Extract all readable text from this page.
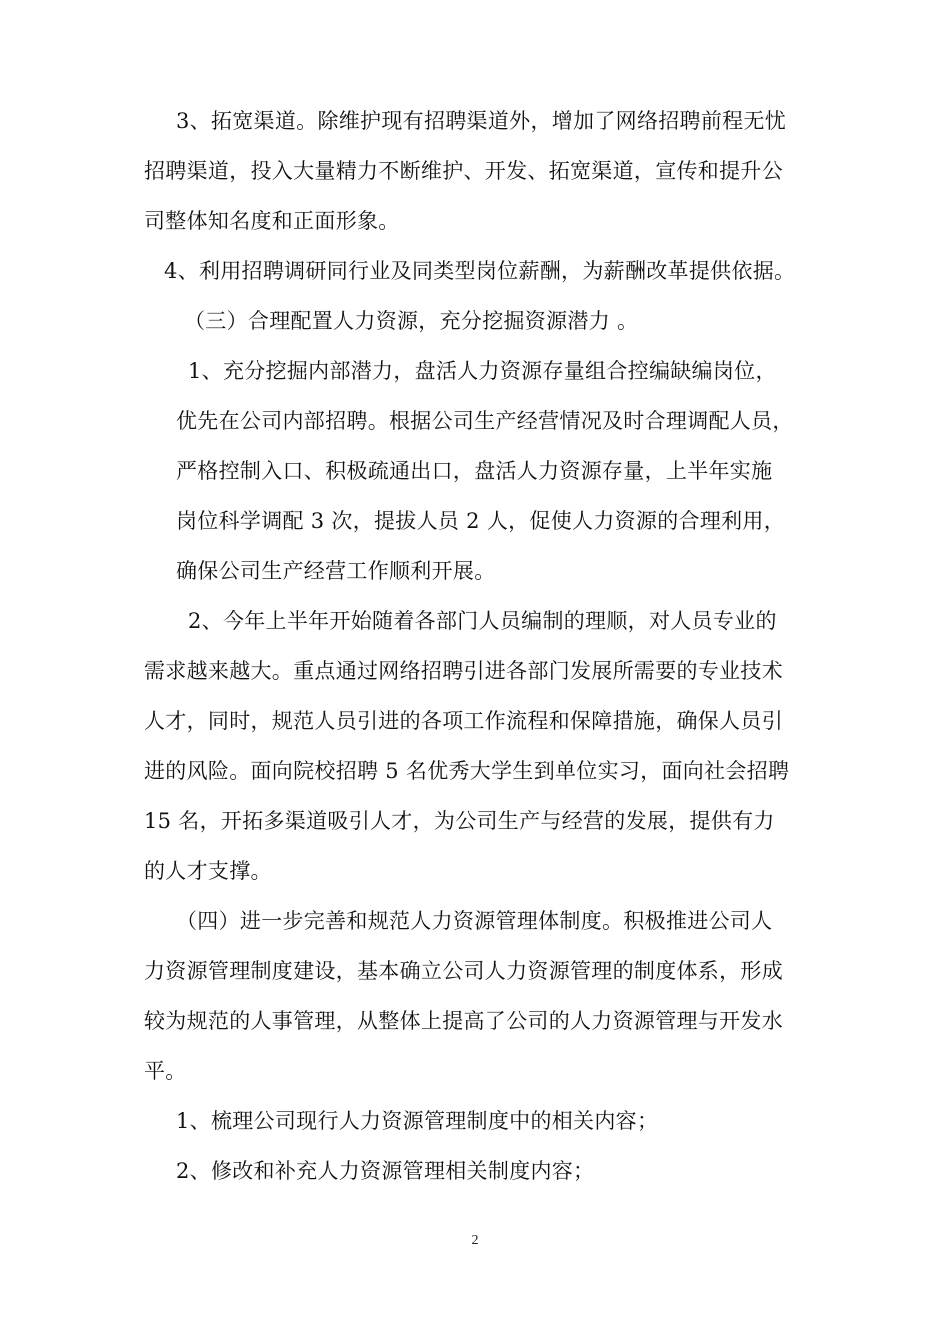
3、拓宽渠道。除维护现有招聘渠道外，增加了网络招聘前程无忧
招聘渠道，投入大量精力不断维护、开发、拓宽渠道，宣传和提升公
司整体知名度和正面形象。
4、利用招聘调研同行业及同类型岗位薪酬，为薪酬改革提供依据。
（三）合理配置人力资源，充分挖掘资源潜力 。
1、充分挖掘内部潜力，盘活人力资源存量组合控编缺编岗位，
优先在公司内部招聘。根据公司生产经营情况及时合理调配人员，
严格控制入口、积极疏通出口，盘活人力资源存量，上半年实施
岗位科学调配 3 次，提拔人员 2 人，促使人力资源的合理利用，
确保公司生产经营工作顺利开展。
2、今年上半年开始随着各部门人员编制的理顺，对人员专业的
需求越来越大。重点通过网络招聘引进各部门发展所需要的专业技术
人才，同时，规范人员引进的各项工作流程和保障措施，确保人员引
进的风险。面向院校招聘 5 名优秀大学生到单位实习，面向社会招聘
15 名，开拓多渠道吸引人才，为公司生产与经营的发展，提供有力
的人才支撑。
（四）进一步完善和规范人力资源管理体制度。积极推进公司人
力资源管理制度建设，基本确立公司人力资源管理的制度体系，形成
较为规范的人事管理，从整体上提高了公司的人力资源管理与开发水
平。
1、梳理公司现行人力资源管理制度中的相关内容；
2、修改和补充人力资源管理相关制度内容；
2
